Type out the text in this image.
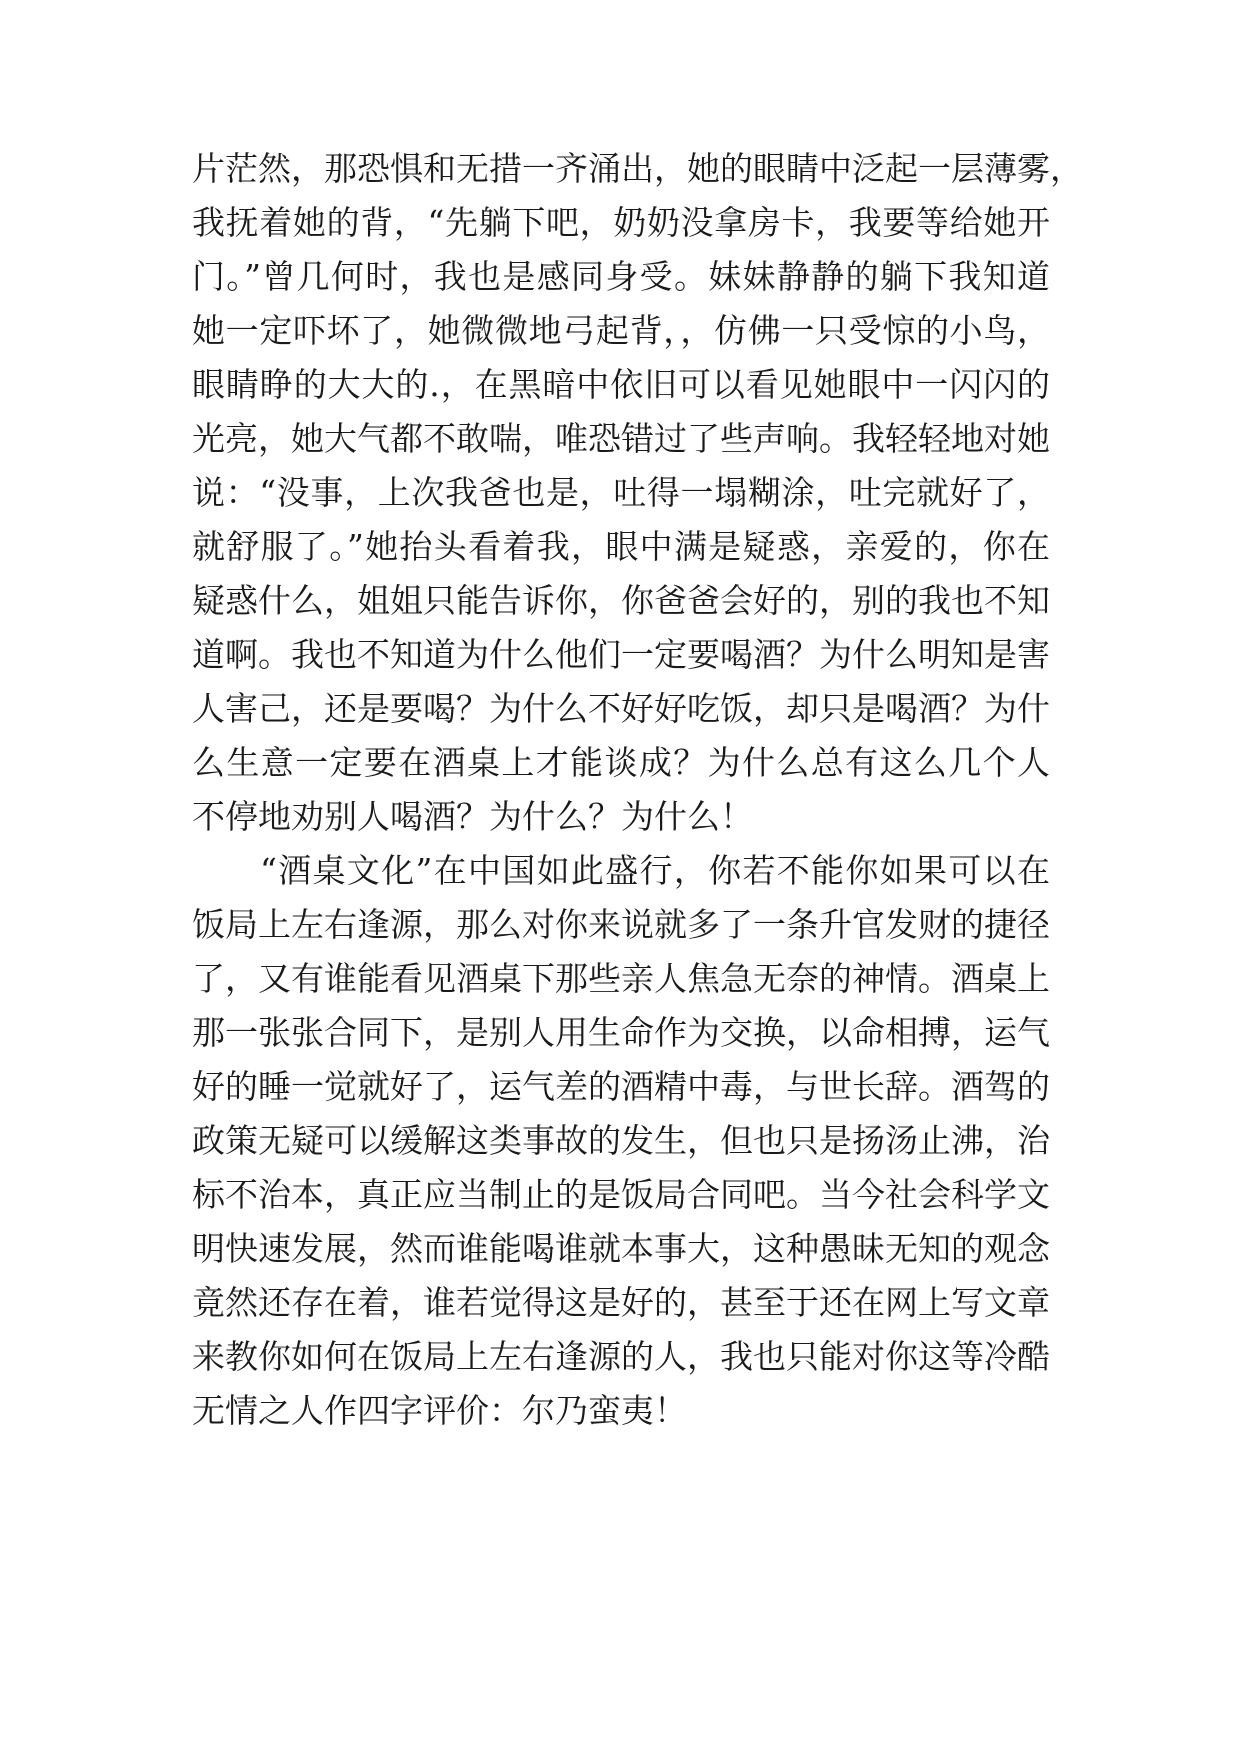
片茫然，那恐惧和无措一齐涌出，她的眼睛中泛起一层薄雾，
我抚着她的背，“先躺下吧，奶奶没拿房卡，我要等给她开
门。”曾几何时，我也是感同身受。妹妹静静的躺下我知道
她一定吓坏了，她微微地弓起背，，仿佛一只受惊的小鸟，
眼睛睁的大大的.，在黑暗中依旧可以看见她眼中一闪闪的
光亮，她大气都不敢喘，唯恐错过了些声响。我轻轻地对她
说：“没事，上次我爸也是，吐得一塌糊涂，吐完就好了，
就舒服了。”她抬头看着我，眼中满是疑惑，亲爱的，你在
疑惑什么，姐姐只能告诉你，你爸爸会好的，别的我也不知
道啊。我也不知道为什么他们一定要喝酒？为什么明知是害
人害己，还是要喝？为什么不好好吃饭，却只是喝酒？为什
么生意一定要在酒桌上才能谈成？为什么总有这么几个人
不停地劝别人喝酒？为什么？为什么！
“酒桌文化”在中国如此盛行，你若不能你如果可以在
饭局上左右逢源，那么对你来说就多了一条升官发财的捷径
了，又有谁能看见酒桌下那些亲人焦急无奈的神情。酒桌上
那一张张合同下，是别人用生命作为交换，以命相搏，运气
好的睡一觉就好了，运气差的酒精中毒，与世长辞。酒驾的
政策无疑可以缓解这类事故的发生，但也只是扬汤止沸，治
标不治本，真正应当制止的是饭局合同吧。当今社会科学文
明快速发展，然而谁能喝谁就本事大，这种愚昧无知的观念
竟然还存在着，谁若觉得这是好的，甚至于还在网上写文章
来教你如何在饭局上左右逢源的人，我也只能对你这等冷酷
无情之人作四字评价：尔乃蛮夷！
